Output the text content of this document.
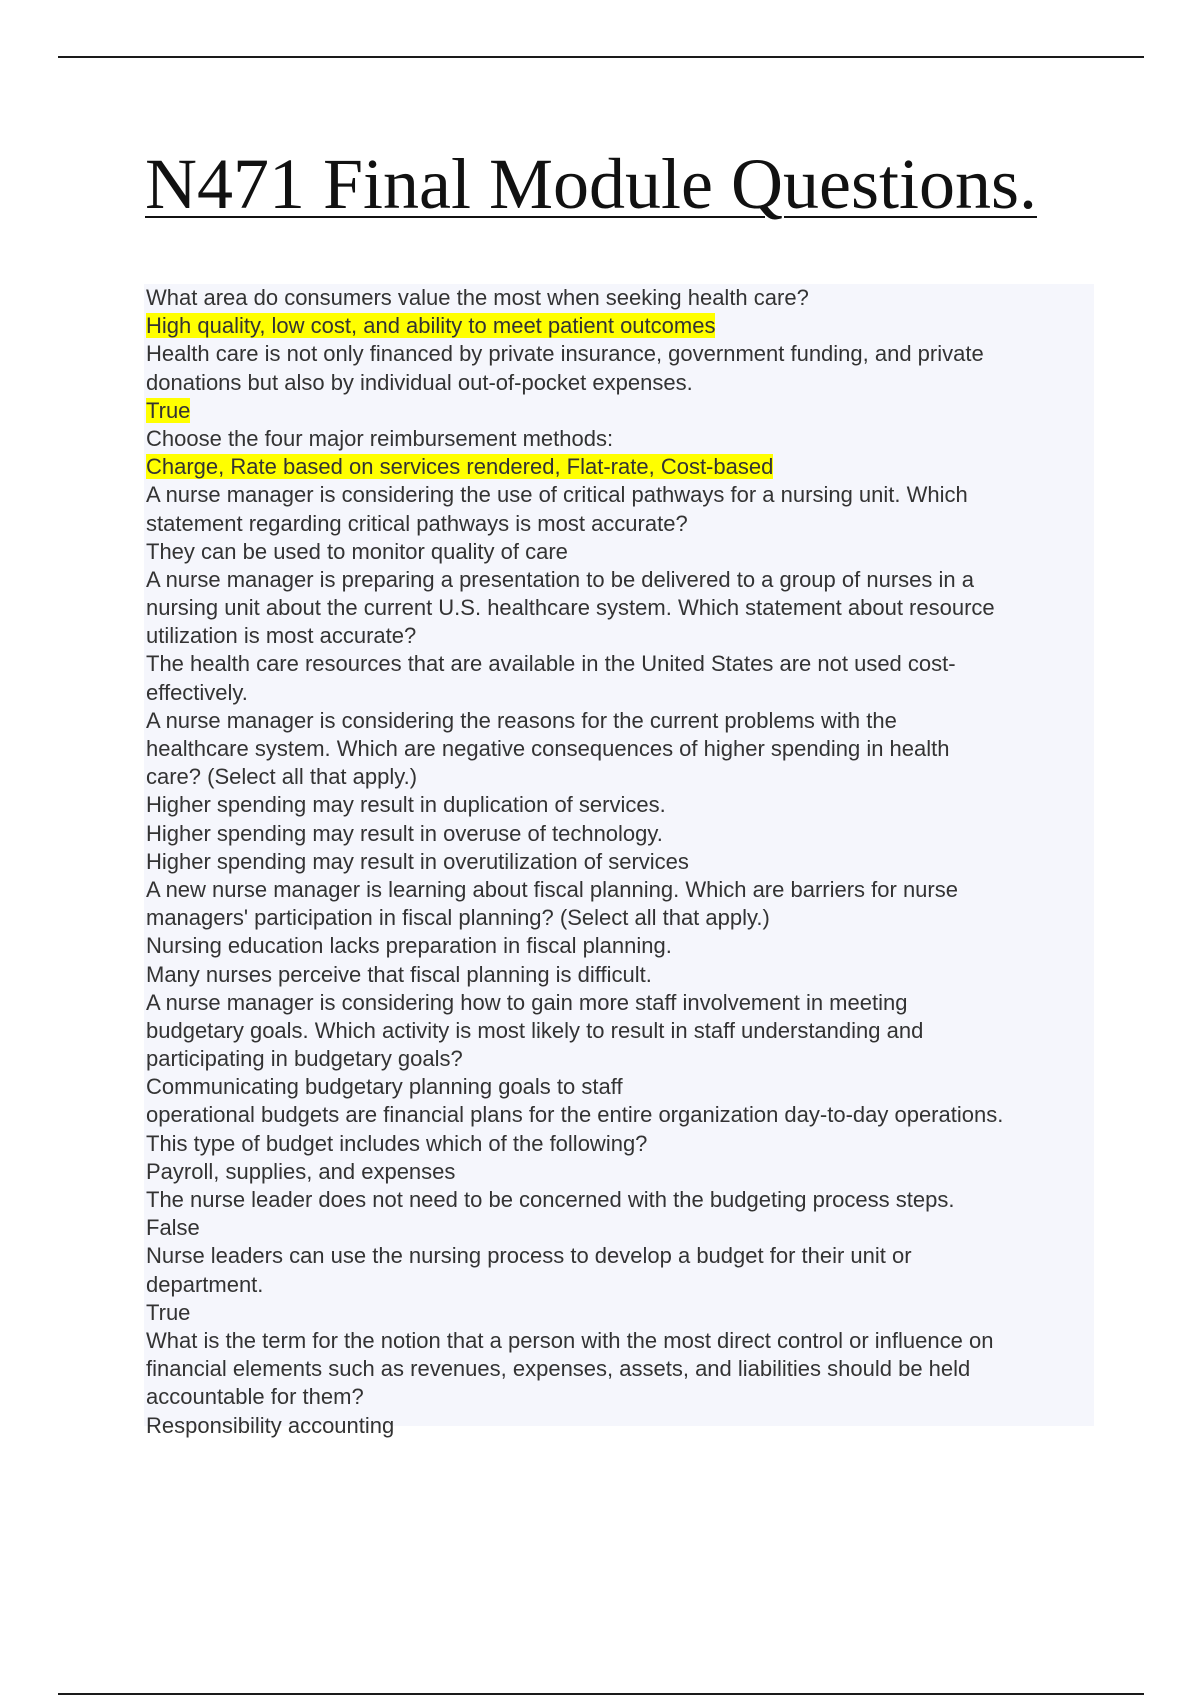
N471 Final Module Questions.
What area do consumers value the most when seeking health care?
High quality, low cost, and ability to meet patient outcomes
Health care is not only financed by private insurance, government funding, and private
donations but also by individual out-of-pocket expenses.
True
Choose the four major reimbursement methods:
Charge, Rate based on services rendered, Flat-rate, Cost-based
A nurse manager is considering the use of critical pathways for a nursing unit. Which
statement regarding critical pathways is most accurate?
They can be used to monitor quality of care
A nurse manager is preparing a presentation to be delivered to a group of nurses in a
nursing unit about the current U.S. healthcare system. Which statement about resource
utilization is most accurate?
The health care resources that are available in the United States are not used cost-
effectively.
A nurse manager is considering the reasons for the current problems with the
healthcare system. Which are negative consequences of higher spending in health
care? (Select all that apply.)
Higher spending may result in duplication of services.
Higher spending may result in overuse of technology.
Higher spending may result in overutilization of services
A new nurse manager is learning about fiscal planning. Which are barriers for nurse
managers' participation in fiscal planning? (Select all that apply.)
Nursing education lacks preparation in fiscal planning.
Many nurses perceive that fiscal planning is difficult.
A nurse manager is considering how to gain more staff involvement in meeting
budgetary goals. Which activity is most likely to result in staff understanding and
participating in budgetary goals?
Communicating budgetary planning goals to staff
operational budgets are financial plans for the entire organization day-to-day operations.
This type of budget includes which of the following?
Payroll, supplies, and expenses
The nurse leader does not need to be concerned with the budgeting process steps.
False
Nurse leaders can use the nursing process to develop a budget for their unit or
department.
True
What is the term for the notion that a person with the most direct control or influence on
financial elements such as revenues, expenses, assets, and liabilities should be held
accountable for them?
Responsibility accounting
